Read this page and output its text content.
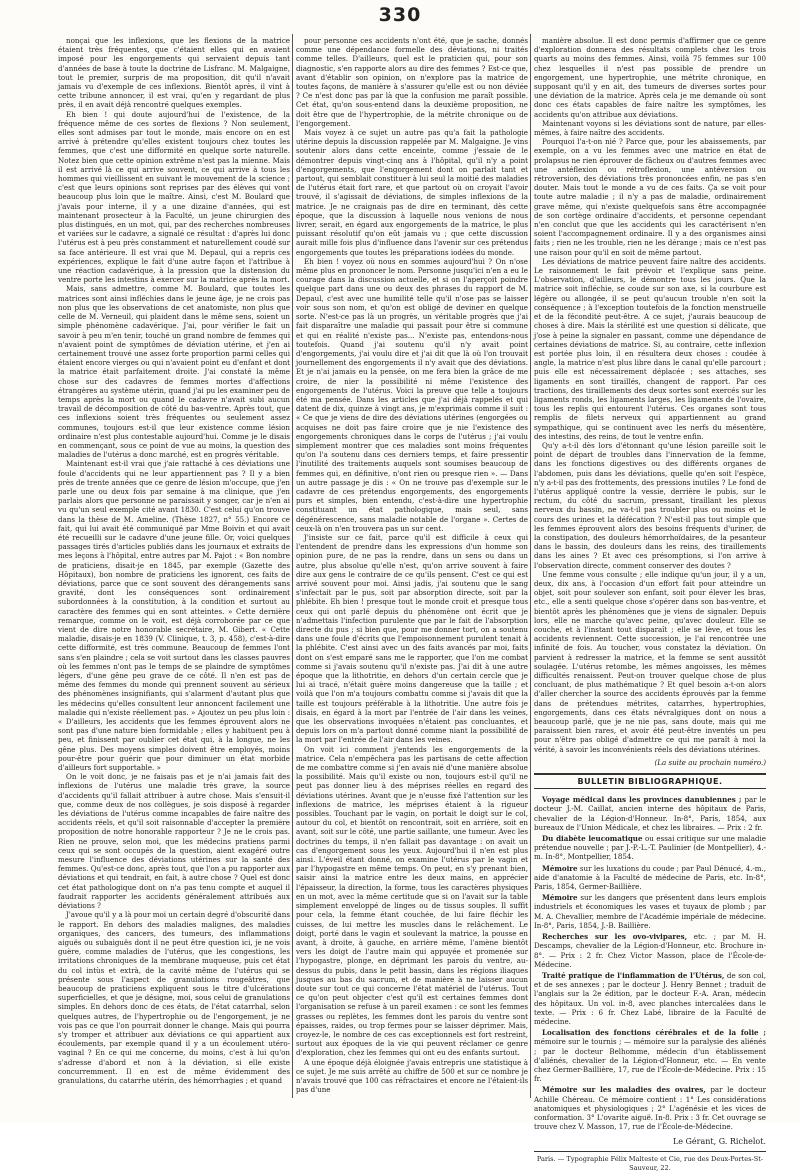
330

nonçai que les inflexions, que les flexions de la matrice étaient très fréquentes, que c'étaient elles qui en avaient imposé pour les engorgements qui servaient depuis tant d'années de base à toute la doctrine de Lisfranc. M. Malgaigne, tout le premier, surpris de ma proposition, dit qu'il n'avait jamais vu d'exemple de ces inflexions. Bientôt après, il vint à cette tribune annoncer, il est vrai, qu'en y regardant de plus près, il en avait déjà rencontré quelques exemples.

Eh bien ! qui doute aujourd'hui de l'existence, de la fréquence même de ces sortes de flexions ? Non seulement, elles sont admises par tout le monde, mais encore on en est arrivé à prétendre qu'elles existent toujours chez toutes les femmes, que c'est une difformité en quelque sorte naturelle. Notez bien que cette opinion extrême n'est pas la mienne. Mais il est arrivé là ce qui arrive souvent, ce qui arrive à tous les hommes qui vieillissent en suivant le mouvement de la science ; c'est que leurs opinions sont reprises par des élèves qui vont beaucoup plus loin que le maître. Ainsi, c'est M. Boulard que j'avais pour interne, il y a une dizaine d'années, qui est maintenant prosecteur à la Faculté, un jeune chirurgien des plus distingués, en un mot, qui, par des recherches nombreuses et variées sur le cadavre, a signalé ce résultat : d'après lui donc l'utérus est à peu près constamment et naturellement coudé sur sa face antérieure. Il est vrai que M. Depaul, qui a repris ces expériences, explique le fait d'une autre façon et l'attribue à une réaction cadavérique, à la pression que la distension du ventre porte les intestins à exercer sur la matrice après la mort.

Mais, sans admettre, comme M. Boulard, que toutes les matrices sont ainsi infléchies dans le jeune âge, je ne crois pas non plus que les observations de cet anatomiste, non plus que celle de M. Verneuil, qui plaident dans le même sens, soient un simple phénomène cadavérique. J'ai, pour vérifier le fait un savoir à peu m'en tenir, touché un grand nombre de femmes qui n'avaient point de symptômes de déviation utérine, et j'en ai certainement trouvé une assez forte proportion parmi celles qui étaient encore vierges ou qui n'avaient point eu d'enfant et dont la matrice était parfaitement droite. J'ai constaté la même chose sur des cadavres de femmes mortes d'affections étrangères au système utérin, quand j'ai pu les examiner peu de temps après la mort ou quand le cadavre n'avait subi aucun travail de décomposition de côté du bas-ventre. Après tout, que ces inflexions soient très fréquentes ou seulement assez communes, toujours est-il que leur existence comme lésion ordinaire n'est plus contestable aujourd'hui. Comme je le disais en commençant, sous ce point de vue au moins, la question des maladies de l'utérus a donc marché, est en progrès véritable.

Maintenant est-il vrai que j'aie rattaché à ces déviations une foule d'accidents qui ne leur appartiennent pas ? Il y a bien près de trente années que ce genre de lésion m'occupe, que j'en parle une ou deux fois par semaine à ma clinique, que j'en parlais alors que personne ne paraissait y songer, car je n'en ai vu qu'un seul exemple cité avant 1830. C'est celui qu'on trouve dans la thèse de M. Ameline. (Thèse 1827, n° 55.) Encore ce fait, qui lui avait été communiqué par Mme Boivin et qui avait été recueilli sur le cadavre d'une jeune fille. Or, voici quelques passages tirés d'articles publiés dans les journaux et extraits de mes leçons à l'hôpital, entre autres par M. Pajot : « Bon nombre de praticiens, disait-je en 1845, par exemple (Gazette des Hôpitaux), bon nombre de praticiens les ignorent, ces faits de déviations, parce que ce sont souvent des dérangements sans gravité, dont les conséquences sont ordinairement subordonnées à la constitution, à la condition et surtout au caractère des femmes qui en sont atteintes. » Cette dernière remarque, comme on le voit, est déjà corroborée par ce que vient de dire notre honorable secrétaire, M. Gibert. « Cette maladie, disais-je en 1839 (V. Clinique, t. 3, p. 458), c'est-à-dire cette difformité, est très commune. Beaucoup de femmes l'ont sans s'en plaindre ; cela se voit surtout dans les classes pauvres où les femmes n'ont pas le temps de se plaindre de symptômes légers, d'une gêne peu grave de ce côté. Il n'en est pas de même des femmes du monde qui prennent souvent au sérieux des phénomènes insignifiants, qui s'alarment d'autant plus que les médecins qu'elles consultent leur annoncent facilement une maladie qui n'existe réellement pas. » Ajoutez un peu plus loin : « D'ailleurs, les accidents que les femmes éprouvent alors ne sont pas d'une nature bien formidable ; elles y habituent peu à peu, et finissent par oublier cet état qui, à la longue, ne les gêne plus. Des moyens simples doivent être employés, moins pour-être pour guérir que pour diminuer un état morbide d'ailleurs fort supportable. »

On le voit donc, je ne faisais pas et je n'ai jamais fait des inflexions de l'utérus une maladie très grave, la source d'accidents qu'il fallait attribuer à autre chose. Mais s'ensuit-il que, comme deux de nos collègues, je sois disposé à regarder les déviations de l'utérus comme incapables de faire naître des accidents réels, et qu'il soit raisonnable d'accepter la première proposition de notre honorable rapporteur ? Je ne le crois pas. Rien ne prouve, selon moi, que les médecins pratiens parmi ceux qui se sont occupés de la question, aient exagéré outre mesure l'influence des déviations utérines sur la santé des femmes. Qu'est-ce donc, après tout, que l'on a pu rapporter aux déviations et qui tendrait, en fait, à autre chose ? Quel est donc cet état pathologique dont on n'a pas tenu compte et auquel il faudrait rapporter les accidents généralement attribués aux déviations ?

J'avoue qu'il y a là pour moi un certain degré d'obscurité dans le rapport. En dehors des maladies malignes, des maladies organiques, des cancers, des tumeurs, des inflammations aiguës ou subaiguës dont il ne peut être question ici, je ne vois guère, comme maladies de l'utérus, que les congestions, les irritations chroniques de la membrane muqueuse, puis cet état du col intùs et extrà, de la cavité même de l'utérus qui se présente sous l'aspect de granulations rougeâtres, que beaucoup de praticiens expliquent sous le titre d'ulcérations superficielles, et que je désigne, moi, sous celui de granulations simples. En dehors donc de ces états, de l'état catarrhal, selon quelques autres, de l'hypertrophie ou de l'engorgement, je ne vois pas ce que l'on pourrait donner le change. Mais qui pourra s'y tromper et attribuer aux déviations ce qui appartient aux écoulements, par exemple quand il y a un écoulement utéro-vaginal ? En ce qui me concerne, du moins, c'est à lui qu'on s'adresse d'abord et non à la déviation, si elle existe concurremment. Il en est de même évidemment des granulations, du catarrhe utérin, des hémorrhagies ; et quand

pour personne ces accidents n'ont été, que je sache, donnés comme une dépendance formelle des déviations, ni traités comme telles. D'ailleurs, quel est le praticien qui, pour son diagnostic, s'en rapporte alors au dire des femmes ? Est-ce que, avant d'établir son opinion, on n'explore pas la matrice de toutes façons, de manière à s'assurer qu'elle est ou non déviée ? Ce n'est donc pas par là que la confusion me paraît possible. Cet état, qu'on sous-entend dans la deuxième proposition, ne doit être que de l'hypertrophie, de la métrite chronique ou de l'engorgement.

Mais voyez à ce sujet un autre pas qu'a fait la pathologie utérine depuis la discussion rappelée par M. Malgaigne. Je vins soutenir alors dans cette enceinte, comme j'essaie de le démontrer depuis vingt-cinq ans à l'hôpital, qu'il n'y a point d'engorgements, que l'engorgement dont on parlait tant et partout, qui semblait constituer à lui seul la moitié des maladies de l'utérus était fort rare, et que partout où on croyait l'avoir trouvé, il s'agissait de déviations, de simples inflexions de la matrice. Je ne craignais pas de dire en terminant, dès cette époque, que la discussion à laquelle nous venions de nous livrer, serait, en égard aux engorgements de la matrice, le plus puissant résolutif qu'on eût jamais vu ; que cette discussion aurait mille fois plus d'influence dans l'avenir sur ces prétendus engorgements que toutes les préparations iodées du monde.

Eh bien ! voyez où nous en sommes aujourd'hui ? On n'ose même plus en prononcer le nom. Personne jusqu'ici n'en a eu le courage dans la discussion actuelle, et si on l'aperçoit poindre quelque part dans une ou deux des phrases du rapport de M. Depaul, c'est avec une humilité telle qu'il n'ose pas se laisser voir sous son nom, et qu'on est obligé de deviner en quelque sorte. N'est-ce pas là un progrès, un véritable progrès que j'ai fait disparaître une maladie qui passait pour être si commune et qui en réalité n'existe pas... N'existe pas, entendons-nous toutefois. Quand j'ai soutenu qu'il n'y avait point d'engorgements, j'ai voulu dire et j'ai dit que là où l'on trouvait journellement des engorgements il n'y avait que des déviations. Et je n'ai jamais eu la pensée, on me fera bien la grâce de me croire, de nier la possibilité ni même l'existence des engorgements de l'utérus. Voici la preuve que telle a toujours été ma pensée. Dans les articles que j'ai déjà rappelés et qui datent de dix, quinze à vingt ans, je m'exprimais comme il suit : « Ce que je viens de dire des déviations utérines (engorgées ou acquises ne doit pas faire croire que je nie l'existence des engorgements chroniques dans le corps de l'utérus ; j'ai voulu simplement montrer que ces maladies sont moins fréquentes qu'on l'a soutenu dans ces derniers temps, et faire pressentir l'inutilité des traitements auquels sont soumises beaucoup de femmes qui, en définitive, n'ont rien ou presque rien ». — Dans un autre passage je dis : « On ne trouve pas d'exemple sur le cadavre de ces prétendus engorgements, des engorgements purs et simples, bien entendu, c'est-à-dire une hypertrophie constituant un état pathologique, mais seul, sans dégénérescence, sans maladie notable de l'organe ». Certes de ceux-là on n'en trouvera pas un sur cent.

J'insiste sur ce fait, parce qu'il est difficile à ceux qui l'entendent de prendre dans les expressions d'un homme son opinion pure, de ne pas la rendre, dans un sens ou dans un autre, plus absolue qu'elle n'est, qu'on arrive souvent à faire dire aux gens le contraire de ce qu'ils pensent. C'est ce qui est arrivé souvent pour moi. Ainsi jadis, j'ai soutenu que le sang s'infectait par le pus, soit par absorption directe, soit par la phlébite. Eh bien ! presque tout le monde croit et presque tous ceux qui ont parlé depuis du phénomène ont écrit que je n'admettais l'infection purulente que par le fait de l'absorption directe du pus ; si bien que, pour me donner tort, on a soutenu dans une foule d'écrits que l'empoisonnement purulent tenait à la phlébite. C'est ainsi avec un des faits avancés par moi, faits dont on s'est emparé sans me le rapporter, que l'on me combat comme si j'avais soutenu qu'il n'existe pas. J'ai dit à une autre époque que la lithotritie, en dehors d'un certain cercle que je lui ai tracé, n'était guère moins dangereuse que la taille ; et voilà que l'on m'a toujours combattu comme si j'avais dit que la taille est toujours préférable à la lithotritie. Une autre fois je disais, en égard à la mort par l'entrée de l'air dans les veines, que les observations invoquées n'étaient pas concluantes, et depuis lors on m'a partout donné comme niant la possibilité de la mort par l'entrée de l'air dans les veines.

On voit ici comment j'entends les engorgements de la matrice. Cela n'empêchera pas les partisans de cette affection de me combattre comme si j'en avais nié d'une manière absolue la possibilité. Mais qu'il existe ou non, toujours est-il qu'il ne peut pas donner lieu à des méprises réelles en regard des déviations utérines. Avant que je n'eusse fixé l'attention sur les inflexions de matrice, les méprises étaient à la rigueur possibles. Touchant par le vagin, on portait le doigt sur le col, autour du col, et bientôt on rencontrait, soit en arrière, soit en avant, soit sur le côté, une partie saillante, une tumeur. Avec les doctrines du temps, il n'en fallait pas davantage : on avait un cas d'engorgement sous les yeux. Aujourd'hui il n'en est plus ainsi. L'éveil étant donné, on examine l'utérus par le vagin et par l'hypogastre en même temps. On peut, en s'y prenant bien, saisir ainsi la matrice entre les deux mains, en apprécier l'épaisseur, la direction, la forme, tous les caractères physiques en un mot, avec la même certitude que si on l'avait sur la table simplement enveloppé de linges ou de tissus souples. Il suffit pour cela, la femme étant couchée, de lui faire fléchir les cuisses, de lui mettre les muscles dans le relâchement. Le doigt, porté dans le vagin et soulevant la matrice, la pousse en avant, à droite, à gauche, en arrière même, l'amène bientôt vers les doigt de l'autre main qui appuyée et promenée sur l'hypogastre, plonge, en déprimant les parois du ventre, au-dessus du pubis, dans le petit bassin, dans les régions iliaques jusques au bas du sacrum, et de manière à ne laisser aucun doute sur tout ce qui concerne l'état matériel de l'utérus. Tout ce qu'on peut objecter c'est qu'il est certaines femmes dont l'organisation se refuse à un pareil examen : ce sont les femmes grasses ou replètes, les femmes dont les parois du ventre sont épaisses, raides, ou trop fermes pour se laisser déprimer. Mais, croyez-le, le nombre de ces cas exceptionnels est fort restreint, surtout aux époques de la vie qui peuvent réclamer ce genre d'exploration, chez les femmes qui ont eu des enfants surtout.

A une époque déjà éloignée j'avais entrepris une statistique à ce sujet. Je me suis arrêté au chiffre de 500 et sur ce nombre je n'avais trouvé que 100 cas réfractaires et encore ne l'étaient-ils pas d'une

manière absolue. Il est donc permis d'affirmer que ce genre d'exploration donnera des résultats complets chez les trois quarts au moins des femmes. Ainsi, voilà 75 femmes sur 100 chez lesquelles il n'est pas possible de prendre un engorgement, une hypertrophie, une métrite chronique, en supposant qu'il y en ait, des tumeurs de diverses sortes pour une déviation de la matrice. Après cela je me demande où sont donc ces états capables de faire naître les symptômes, les accidents qu'on attribue aux déviations.

Maintenant voyons si les déviations sont de nature, par elles-mêmes, à faire naître des accidents.

Pourquoi l'a-t-on nié ? Parce que, pour les abaissements, par exemple, on a vu les femmes avec une matrice en état de prolapsus ne rien éprouver de fâcheux ou d'autres femmes avec une antéflexion ou rétroflexion, une antéversion ou rétroversion, des déviations très prononcées enfin, ne pas s'en douter. Mais tout le monde a vu de ces faits. Ça se voit pour toute autre maladie ; il n'y a pas de maladie, ordinairement grave même, qui n'existe quelquefois sans être accompagnée de son cortège ordinaire d'accidents, et personne cependant n'en conclut que que les accidents qui les caractérisent n'en soient l'accompagnement ordinaire. Il y a des organismes ainsi faits ; rien ne les trouble, rien ne les dérange ; mais ce n'est pas une raison pour qu'il en soit de même partout.

Les déviations de matrice peuvent faire naître des accidents. Le raisonnement le fait prévoir et l'explique sans peine. L'observation, d'ailleurs, le démontre tous les jours. Que la matrice soit infléchie, se coude sur son axe, si la courbure est légère ou allongée, il se peut qu'aucun trouble n'en soit la conséquence ; à l'exception toutefois de la fonction menstruelle et de la fécondité peut-être. A ce sujet, j'aurais beaucoup de choses à dire. Mais la stérilité est une question si délicate, que j'ose à peine la signaler en passant, comme une dépendance de certaines déviations de matrice. Si, au contraire, cette inflexion est portée plus loin, il en résultera deux choses : coudée à angle, la matrice n'est plus libre dans le canal qu'elle parcourt ; puis elle est nécessairement déplacée ; ses attaches, ses ligaments en sont tiraillés, changent de rapport. Par ces tractions, des tiraillements des deux sortes sont exercés sur les ligaments ronds, les ligaments larges, les ligaments de l'ovaire, tous les replis qui entourent l'utérus. Ces organes sont tous remplis de filets nerveux qui appartiennent au grand sympathique, qui se continuent avec les nerfs du mésentère, des intestins, des reins, de tout le ventre enfin.

Qu'y a-t-il dès lors d'étonnant qu'une lésion pareille soit le point de départ de troubles dans l'innervation de la femme, dans les fonctions digestives ou des différents organes de l'abdomen, puis dans les déviations, quelle qu'en soit l'espèce, n'y a-t-il pas des frottements, des pressions inutiles ? Le fond de l'utérus appliqué contre la vessie, derrière le pubis, sur le rectum, du côté du sacrum, pressant, tiraillant les plexus nerveux du bassin, ne va-t-il pas troubler plus ou moins et le cours des urines et la défécation ? N'est-il pas tout simple que les femmes éprouvent alors des besoins fréquents d'uriner, de la constipation, des douleurs hémorrhoïdaires, de la pesanteur dans le bassin, des douleurs dans les reins, des tiraillements dans les aines ? Et avec ces présomptions, si l'on arrive à l'observation directe, comment conserver des doutes ?

Une femme vous consulte ; elle indique qu'un jour, il y a un, deux, dix ans, à l'occasion d'un effort fait pour atteindre un objet, soit pour soulever son enfant, soit pour élever les bras, etc., elle a senti quelque chose s'opérer dans son bas-ventre, et bientôt après les phénomènes que je viens de signaler. Depuis lors, elle ne marche qu'avec peine, qu'avec douleur. Elle se couche, et à l'instant tout disparaît ; elle se lève, et tous les accidents reviennent. Cette succession, je l'ai rencontrée une infinité de fois. Au toucher, vous constatez la déviation. On parvient à redresser la matrice, et la femme se sent aussitôt soulagée. L'utérus retombe, les mêmes angoisses, les mêmes difficultés renaissent. Peut-on trouver quelque chose de plus concluant, de plus mathématique ? Et quel besoin a-t-on alors d'aller chercher la source des accidents éprouvés par la femme dans de prétendues métrites, catarrhes, hypertrophies, engorgements, dans ces états névralgiques dont on nous a beaucoup parlé, que je ne nie pas, sans doute, mais qui me paraissent bien rares, et avoir été peut-être inventés un peu pour n'être pas obligé d'admettre ce qui me paraît à moi la vérité, à savoir les inconvénients réels des déviations utérines.

(La suite au prochain numéro.)
BULLETIN BIBLIOGRAPHIQUE.

Voyage médical dans les provinces danubiennes ; par le docteur J.-M. Caillat, ancien interne des hôpitaux de Paris, chevalier de la Légion-d'Honneur. In-8°, Paris, 1854, aux bureaux de l'Union Médicale, et chez les libraires. — Prix : 2 fr.

Du diabète leucomatique ou essai critique sur une maladie prétendue nouvelle ; par J.-P.-L.-T. Paulinier (de Montpellier), 4.-m. In-8°, Montpellier, 1854.

Mémoire sur les luxations du coude ; par Paul Dénucé, 4.-m., aide d'anatomie à la Faculté de médecine de Paris, etc. In-8°, Paris, 1854, Germer-Baillière.

Mémoire sur les dangers que présentent dans leurs emplois industriels et économiques les vases et tuyaux de plomb ; par M. A. Chevallier, membre de l'Académie impériale de médecine. In-8°, Paris, 1854, J.-B. Baillière.

Recherches sur les ovo-vivipares, etc. ; par M. H. Descamps, chevalier de la Légion-d'Honneur, etc. Brochure in-8°. — Prix : 2 fr. Chez Victor Masson, place de l'École-de-Médecine.

Traité pratique de l'inflammation de l'Utérus, de son col, et de ses annexes ; par le docteur J. Henry Bennet ; traduit de l'anglais sur la 2e édition, par le docteur F.-A. Aran, médecin des hôpitaux. Un vol. in-8, avec planches intercalées dans le texte. — Prix : 6 fr. Chez Labé, libraire de la Faculté de médecine.

Localisation des fonctions cérébrales et de la folie ; mémoire sur le tournis ; — mémoire sur la paralysie des aliénés ; par le docteur Belhomme, médecin d'un établissement d'aliénés, chevalier de la Légion-d'Honneur, etc. — En vente chez Germer-Baillière, 17, rue de l'École-de-Médecine. Prix : 15 fr.

Mémoire sur les maladies des ovaires, par le docteur Achille Chéreau. Ce mémoire contient : 1° Les considérations anatomiques et physiologiques ; 2° L'agénésie et les vices de conformation. 3° L'ovarite aiguë. In-8. Prix : 3 fr. Cet ouvrage se trouve chez V. Masson, 17, rue de l'École-de-Médecine.

Le Gérant, G. Richelot.
Paris. — Typographie Félix Malteste et Cie, rue des Deux-Portes-St-Sauveur, 22.
